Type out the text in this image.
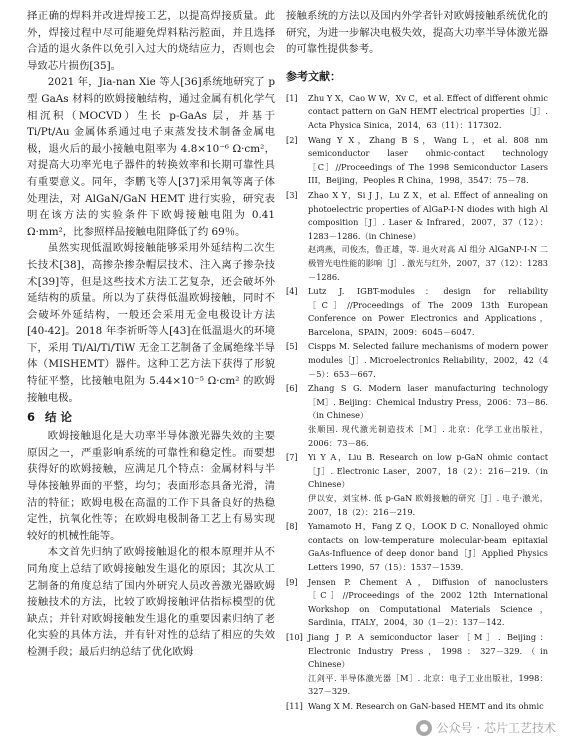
择正确的焊料并改进焊接工艺，以提高焊接质量。此外，焊接过程中尽可能避免焊料粘污腔面，并且选择合适的退火条件以免引入过大的烧结应力，否则也会导致芯片损伤[35]。

2021 年，Jia-nan Xie 等人[36]系统地研究了 p 型 GaAs 材料的欧姆接触结构，通过金属有机化学气相沉积（MOCVD）生长 p-GaAs 层，并基于 Ti/Pt/Au 金属体系通过电子束蒸发技术制备金属电极，退火后的最小接触电阻率为 4.8×10⁻⁶ Ω·cm²，对提高大功率光电子器件的转换效率和长期可靠性具有重要意义。同年，李鹏飞等人[37]采用氧等离子体处理法，对 AlGaN/GaN HEMT 进行实验，研究表明在该方法的实验条件下欧姆接触电阻为 0.41 Ω·mm²，比参照样品接触电阻降低了约 69％。

虽然实现低温欧姆接触能够采用外延结构二次生长技术[38]，高掺杂掺杂帽层技术、注入离子掺杂技术[39]等，但是这些技术方法工艺复杂，还会破坏外延结构的质量。所以为了获得低温欧姆接触，同时不会破坏外延结构，一般还会采用无金电极设计方法[40-42]。2018 年李祈昕等人[43]在低温退火的环境下，采用 Ti/Al/Ti/TiW 无金工艺制备了金属绝缘半导体（MISHEMT）器件。这种工艺方法下获得了形貌特征平整，比接触电阻为 5.44×10⁻⁵ Ω·cm² 的欧姆接触电极。

6 结 论

欧姆接触退化是大功率半导体激光器失效的主要原因之一，严重影响系统的可靠性和稳定性。而要想获得好的欧姆接触，应满足几个特点：金属材料与半导体接触界面的平整，均匀；表面形态具备光滑，清洁的特征；欧姆电极在高温的工作下具备良好的热稳定性，抗氧化性等；在欧姆电极制备工艺上有易实现较好的机械性能等。

本文首先归纳了欧姆接触退化的根本原理并从不同角度上总结了欧姆接触发生退化的原因；其次从工艺制备的角度总结了国内外研究人员改善激光器欧姆接触技术的方法，比较了欧姆接触评估指标模型的优缺点；并针对欧姆接触发生退化的重要因素归纳了老化实验的具体方法，并有针对性的总结了相应的失效检测手段；最后归纳总结了优化欧姆

接触系统的方法以及国内外学者针对欧姆接触系统优化的研究，为进一步解决电极失效，提高大功率半导体激光器的可靠性提供参考。

参考文献：
[1]	Zhu Y X，Cao W W，Xv C，et al. Effect of different ohmic contact pattern on GaN HEMT electrical properties［J］. Acta Physica Sinica，2014，63（11）：117302.
[2]	Wang Y X，Zhang B S，Wang L，et al. 808 nm semiconductor laser ohmic-contact technology［C］//Proceedings of The 1998 Semiconductor Lasers III，Beijing，Peoples R China，1998，3547：75－78.
[3]	Zhao X Y，Si J J，Lu Z X，et al. Effect of annealing on photoelectric properties of AlGaP-I-N diodes with high Al composition［J］. Laser & Infrared，2007，37（12）：1283－1286.（in Chinese）
赵鸿燕，司俊杰，鲁正雄，等. 退火对高 Al 组分 AlGaNP-I-N 二极管光电性能的影响［J］. 激光与红外，2007，37（12）：1283－1286.
[4]	Lutz J. IGBT-modules：design for reliability［C］//Proceedings of The 2009 13th European Conference on Power Electronics and Applications，Barcelona，SPAIN，2009：6045－6047.
[5]	Cispps M. Selected failure mechanisms of modern power modules［J］. Microelectronics Reliability，2002，42（4－5）：653－667.
[6]	Zhang S G. Modern laser manufacturing technology［M］. Beijing：Chemical Industry Press，2006：73－86.（in Chinese）
张顺国. 现代激光制造技术［M］. 北京：化学工业出版社，2006：73－86.
[7]	Yi Y A，Liu B. Research on low p-GaN ohmic contact［J］. Electronic Laser，2007，18（2）：216－219.（in Chinese）
伊以安，刘宝林. 低 p-GaN 欧姆接触的研究［J］. 电子·激光，2007，18（2）：216－219.
[8]	Yamamoto H，Fang Z Q，LOOK D C. Nonalloyed ohmic contacts on low-temperature molecular-beam epitaxial GaAs-Influence of deep donor band［J］Applied Physics Letters 1990，57（15）：1537－1539.
[9]	Jensen P. Chement A，Diffusion of nanoclusters［C］//Proceedings of the 2002 12th International Workshop on Computational Materials Science，Sardinia，ITALY，2004，30（1－2）：137－142.
[10] Jiang J P. A semiconductor laser［M］. Beijing：Electronic Industry Press，1998：327－329.（in Chinese）
江剑平. 半导体激光器［M］. 北京：电子工业出版社，1998：327－329.
[11] Wang X M. Research on GaN-based HEMT and its ohmic
公众号 · 芯片工艺技术
